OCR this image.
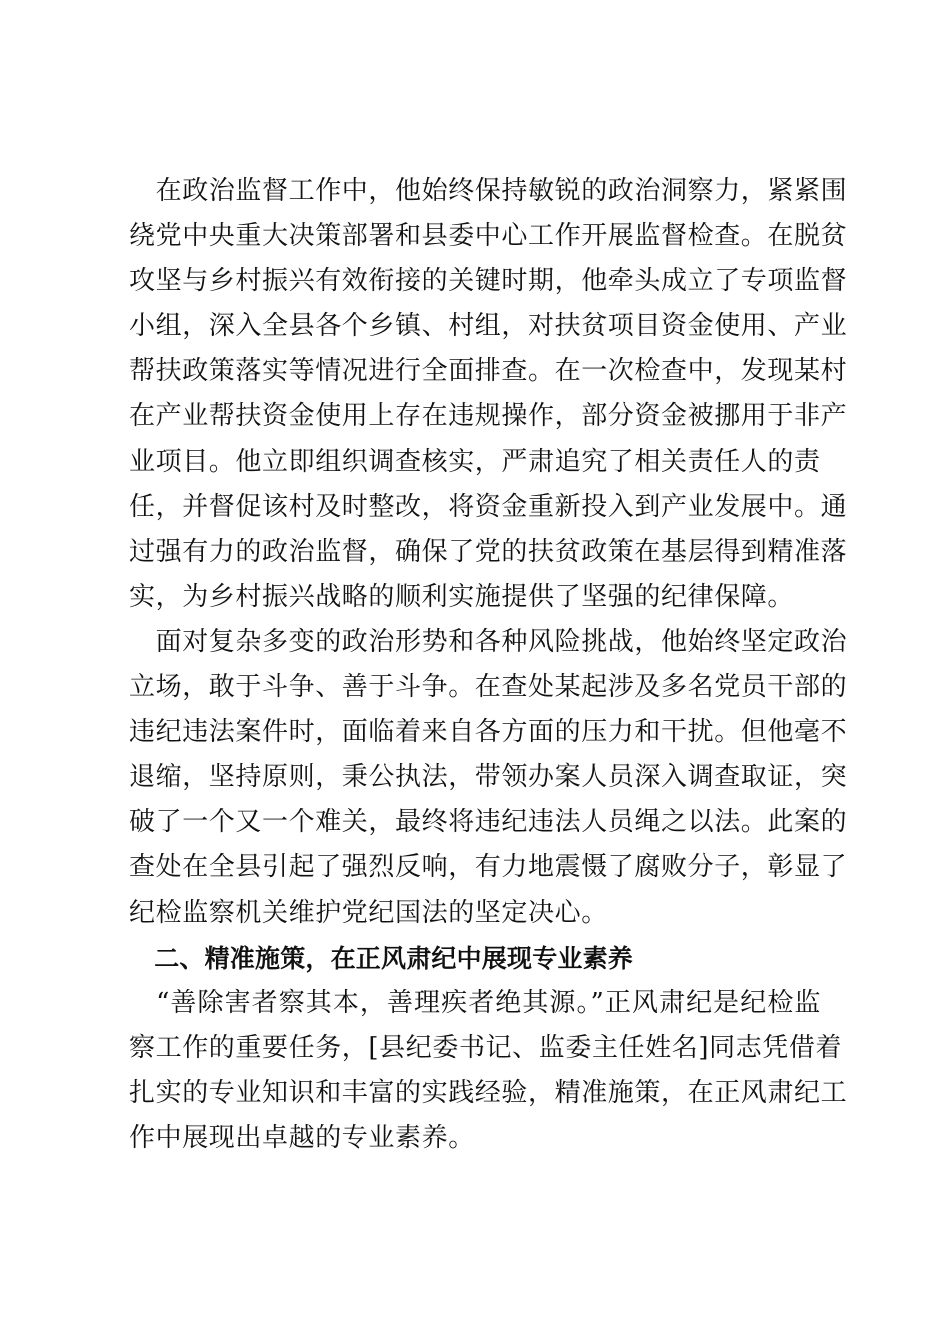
　在政治监督工作中，他始终保持敏锐的政治洞察力，紧紧围
绕党中央重大决策部署和县委中心工作开展监督检查。在脱贫
攻坚与乡村振兴有效衔接的关键时期，他牵头成立了专项监督
小组，深入全县各个乡镇、村组，对扶贫项目资金使用、产业
帮扶政策落实等情况进行全面排查。在一次检查中，发现某村
在产业帮扶资金使用上存在违规操作，部分资金被挪用于非产
业项目。他立即组织调查核实，严肃追究了相关责任人的责
任，并督促该村及时整改，将资金重新投入到产业发展中。通
过强有力的政治监督，确保了党的扶贫政策在基层得到精准落
实，为乡村振兴战略的顺利实施提供了坚强的纪律保障。
　面对复杂多变的政治形势和各种风险挑战，他始终坚定政治
立场，敢于斗争、善于斗争。在查处某起涉及多名党员干部的
违纪违法案件时，面临着来自各方面的压力和干扰。但他毫不
退缩，坚持原则，秉公执法，带领办案人员深入调查取证，突
破了一个又一个难关，最终将违纪违法人员绳之以法。此案的
查处在全县引起了强烈反响，有力地震慑了腐败分子，彰显了
纪检监察机关维护党纪国法的坚定决心。
　二、精准施策，在正风肃纪中展现专业素养
　“善除害者察其本，善理疾者绝其源。”正风肃纪是纪检监
察工作的重要任务，[县纪委书记、监委主任姓名]同志凭借着
扎实的专业知识和丰富的实践经验，精准施策，在正风肃纪工
作中展现出卓越的专业素养。
